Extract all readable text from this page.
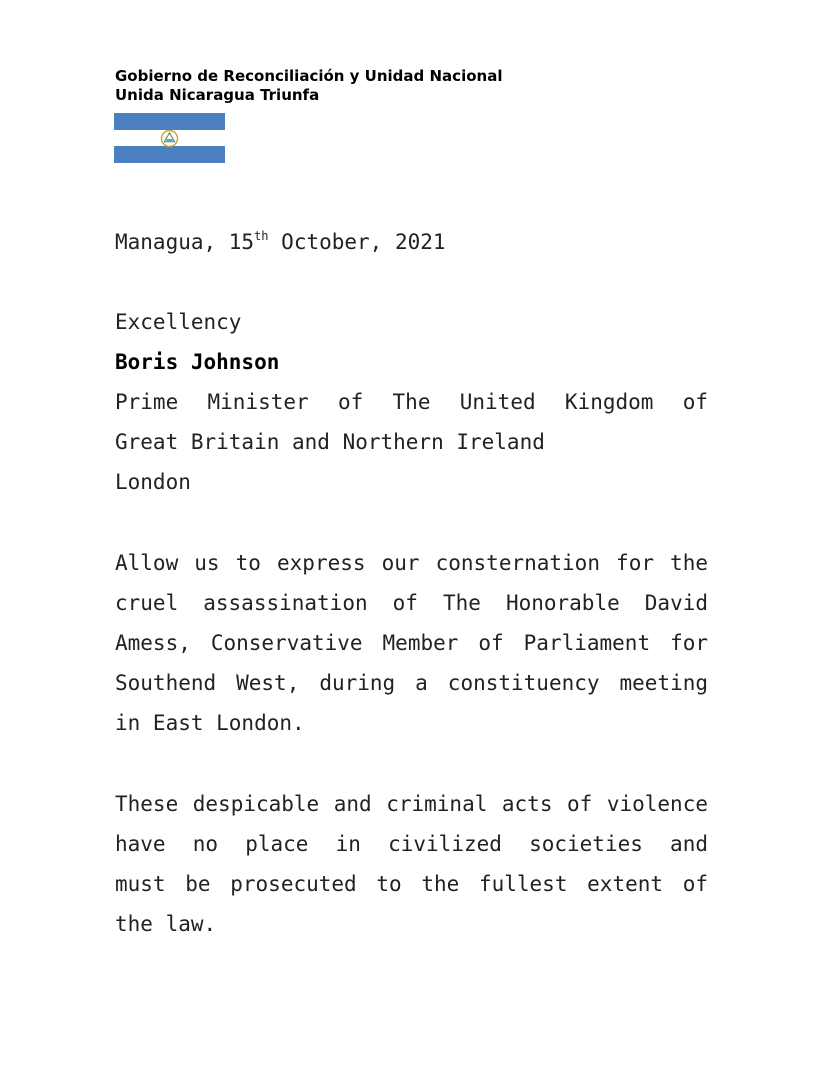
Gobierno de Reconciliación y Unidad Nacional
Unida Nicaragua Triunfa
Managua, 15th October, 2021
Excellency
Boris Johnson
Prime Minister of The United Kingdom of
Great Britain and Northern Ireland
London
Allow us to express our consternation for the
cruel assassination of The Honorable David
Amess, Conservative Member of Parliament for
Southend West, during a constituency meeting
in East London.
These despicable and criminal acts of violence
have no place in civilized societies and
must be prosecuted to the fullest extent of
the law.
